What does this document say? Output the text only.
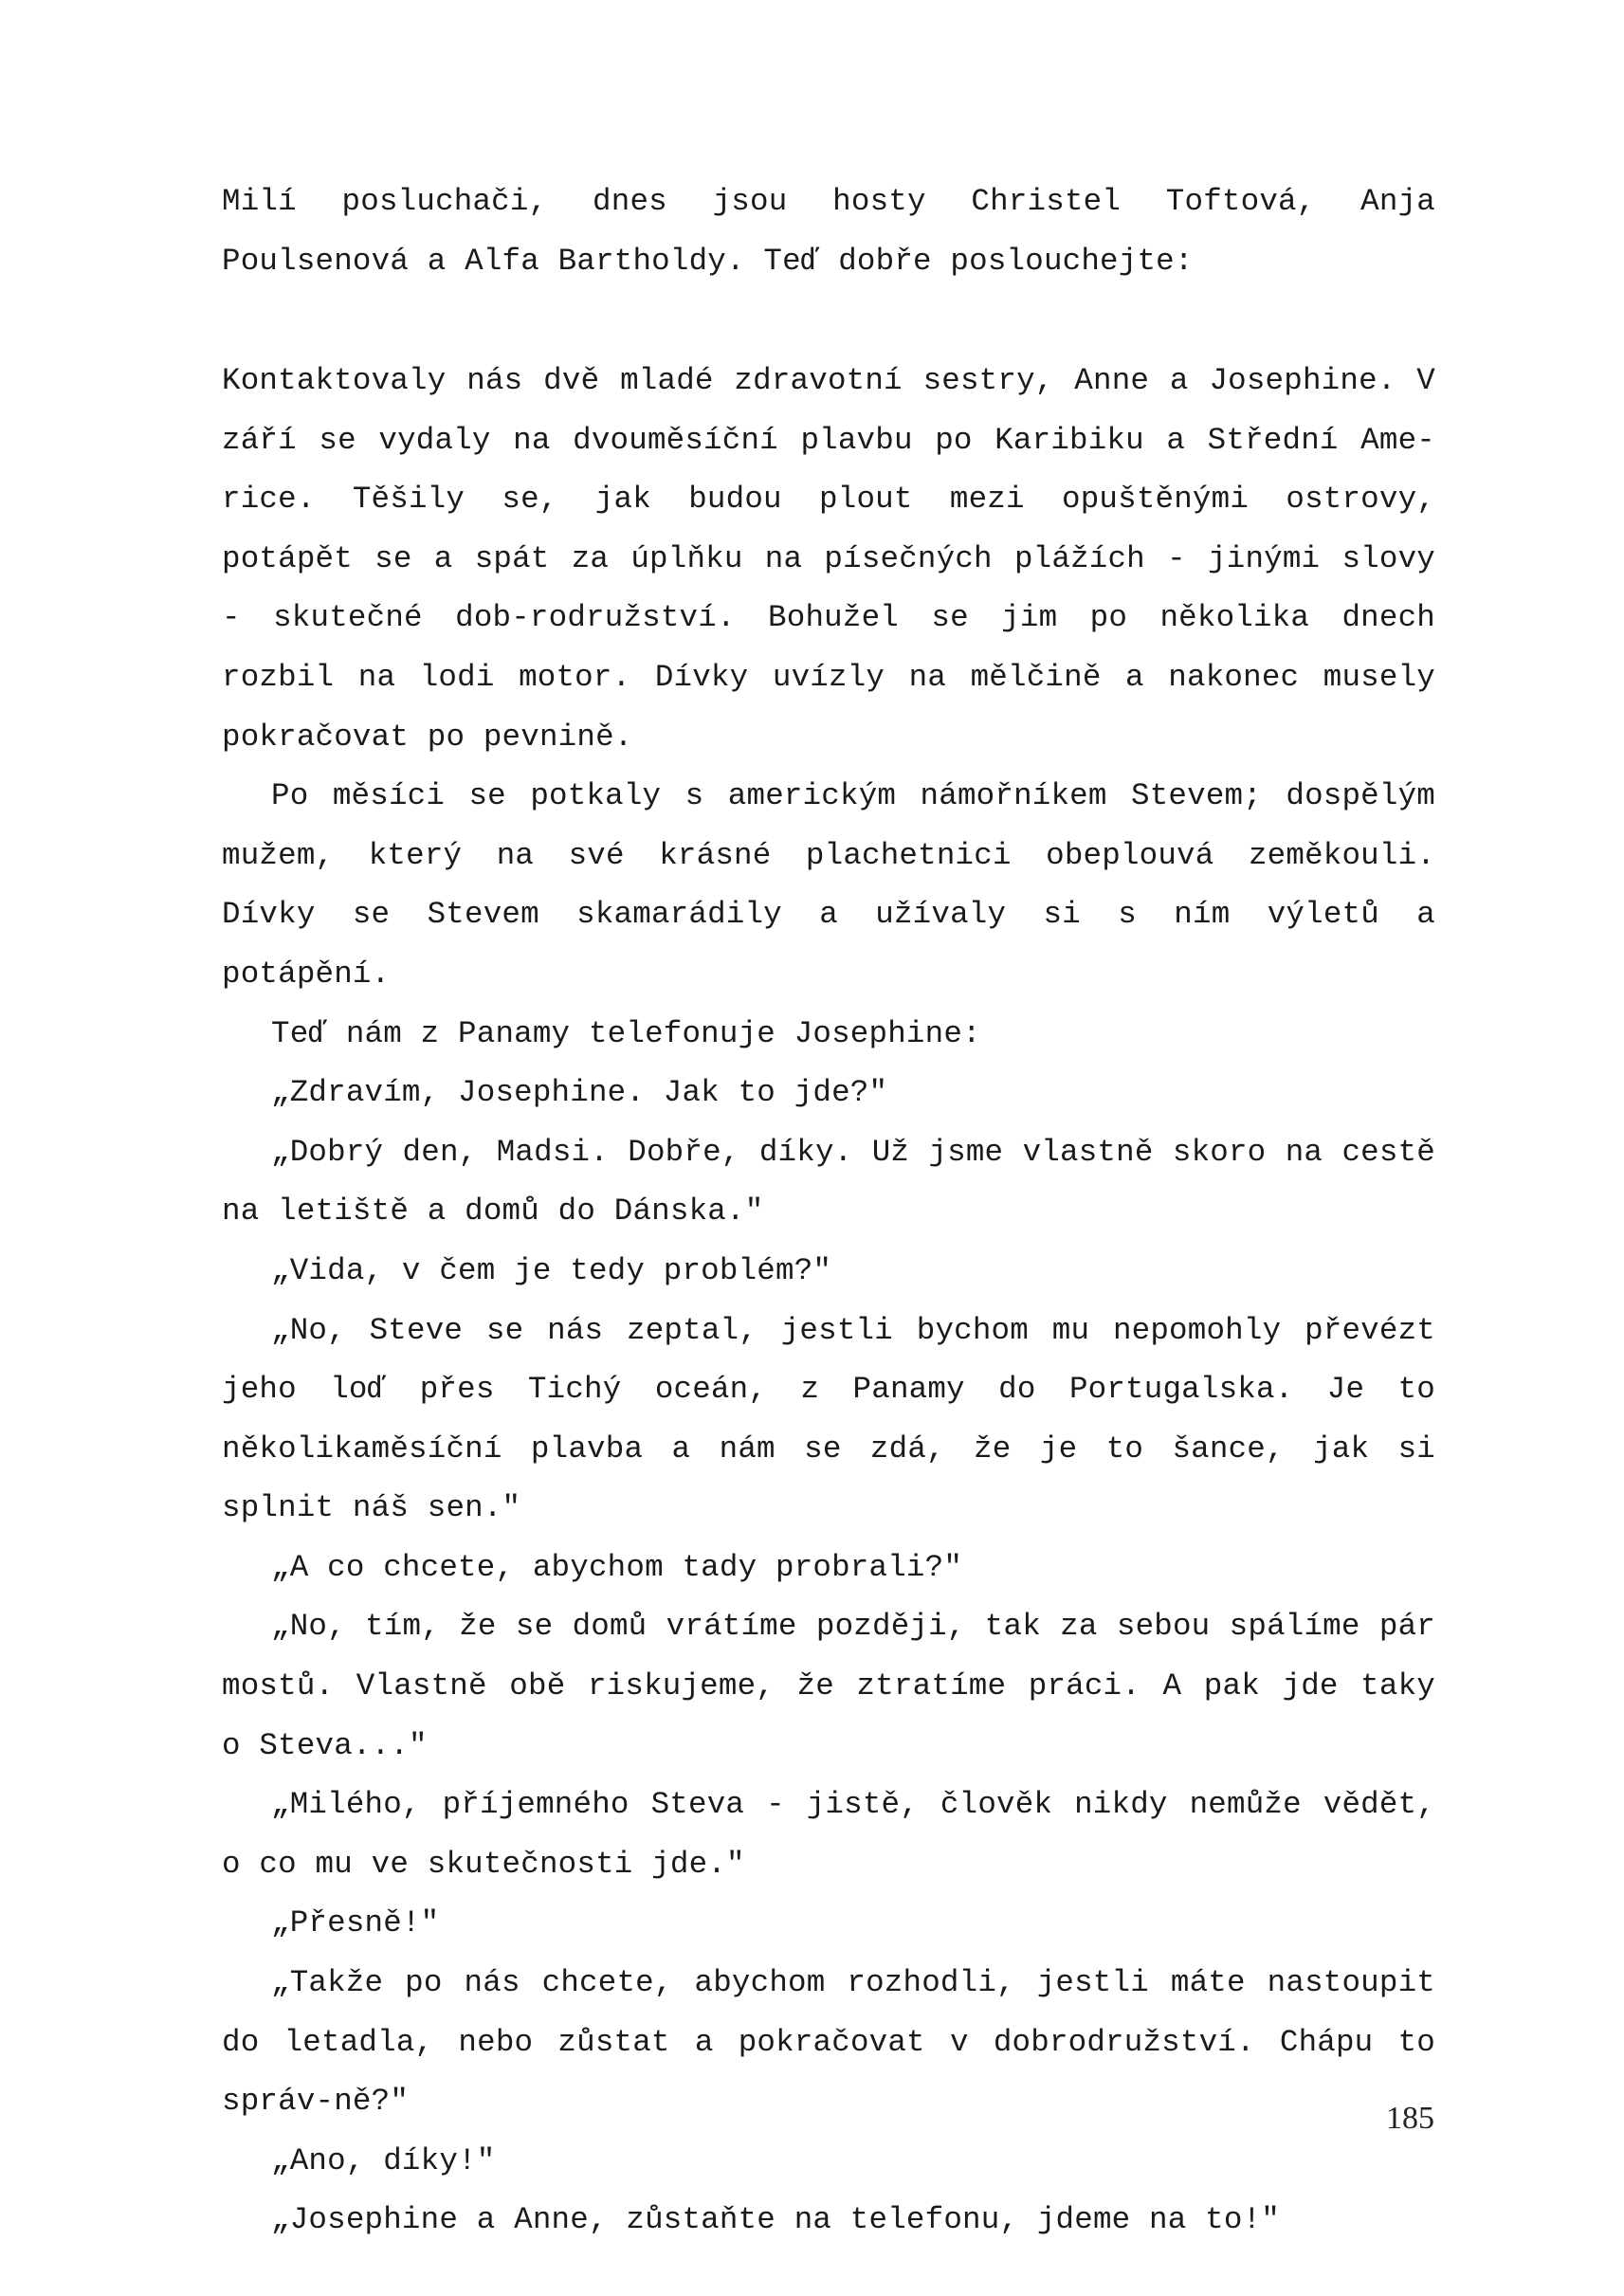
Milí posluchači, dnes jsou hosty Christel Toftová, Anja Poulsenová a Alfa Bartholdy. Teď dobře poslouchejte:

Kontaktovaly nás dvě mladé zdravotní sestry, Anne a Josephine. V září se vydaly na dvouměsíční plavbu po Karibiku a Střední Ame-rice. Těšily se, jak budou plout mezi opuštěnými ostrovy, potápět se a spát za úplňku na písečných plážích - jinými slovy - skutečné dob-rodružství. Bohužel se jim po několika dnech rozbil na lodi motor. Dívky uvízly na mělčině a nakonec musely pokračovat po pevnině.

Po měsíci se potkaly s americkým námořníkem Stevem; dospělým mužem, který na své krásné plachetnici obeplouvá zeměkouli. Dívky se Stevem skamarádily a užívaly si s ním výletů a potápění.

Teď nám z Panamy telefonuje Josephine:

„Zdravím, Josephine. Jak to jde?"

„Dobrý den, Madsi. Dobře, díky. Už jsme vlastně skoro na cestě na letiště a domů do Dánska."

„Vida, v čem je tedy problém?"

„No, Steve se nás zeptal, jestli bychom mu nepomohly převézt jeho loď přes Tichý oceán, z Panamy do Portugalska. Je to několikaměsíční plavba a nám se zdá, že je to šance, jak si splnit náš sen."

„A co chcete, abychom tady probrali?"

„No, tím, že se domů vrátíme později, tak za sebou spálíme pár mostů. Vlastně obě riskujeme, že ztratíme práci. A pak jde taky o Steva..."

„Milého, příjemného Steva - jistě, člověk nikdy nemůže vědět, o co mu ve skutečnosti jde."

„Přesně!"

„Takže po nás chcete, abychom rozhodli, jestli máte nastoupit do letadla, nebo zůstat a pokračovat v dobrodružství. Chápu to správ-ně?"

„Ano, díky!"

„Josephine a Anne, zůstaňte na telefonu, jdeme na to!"

185
